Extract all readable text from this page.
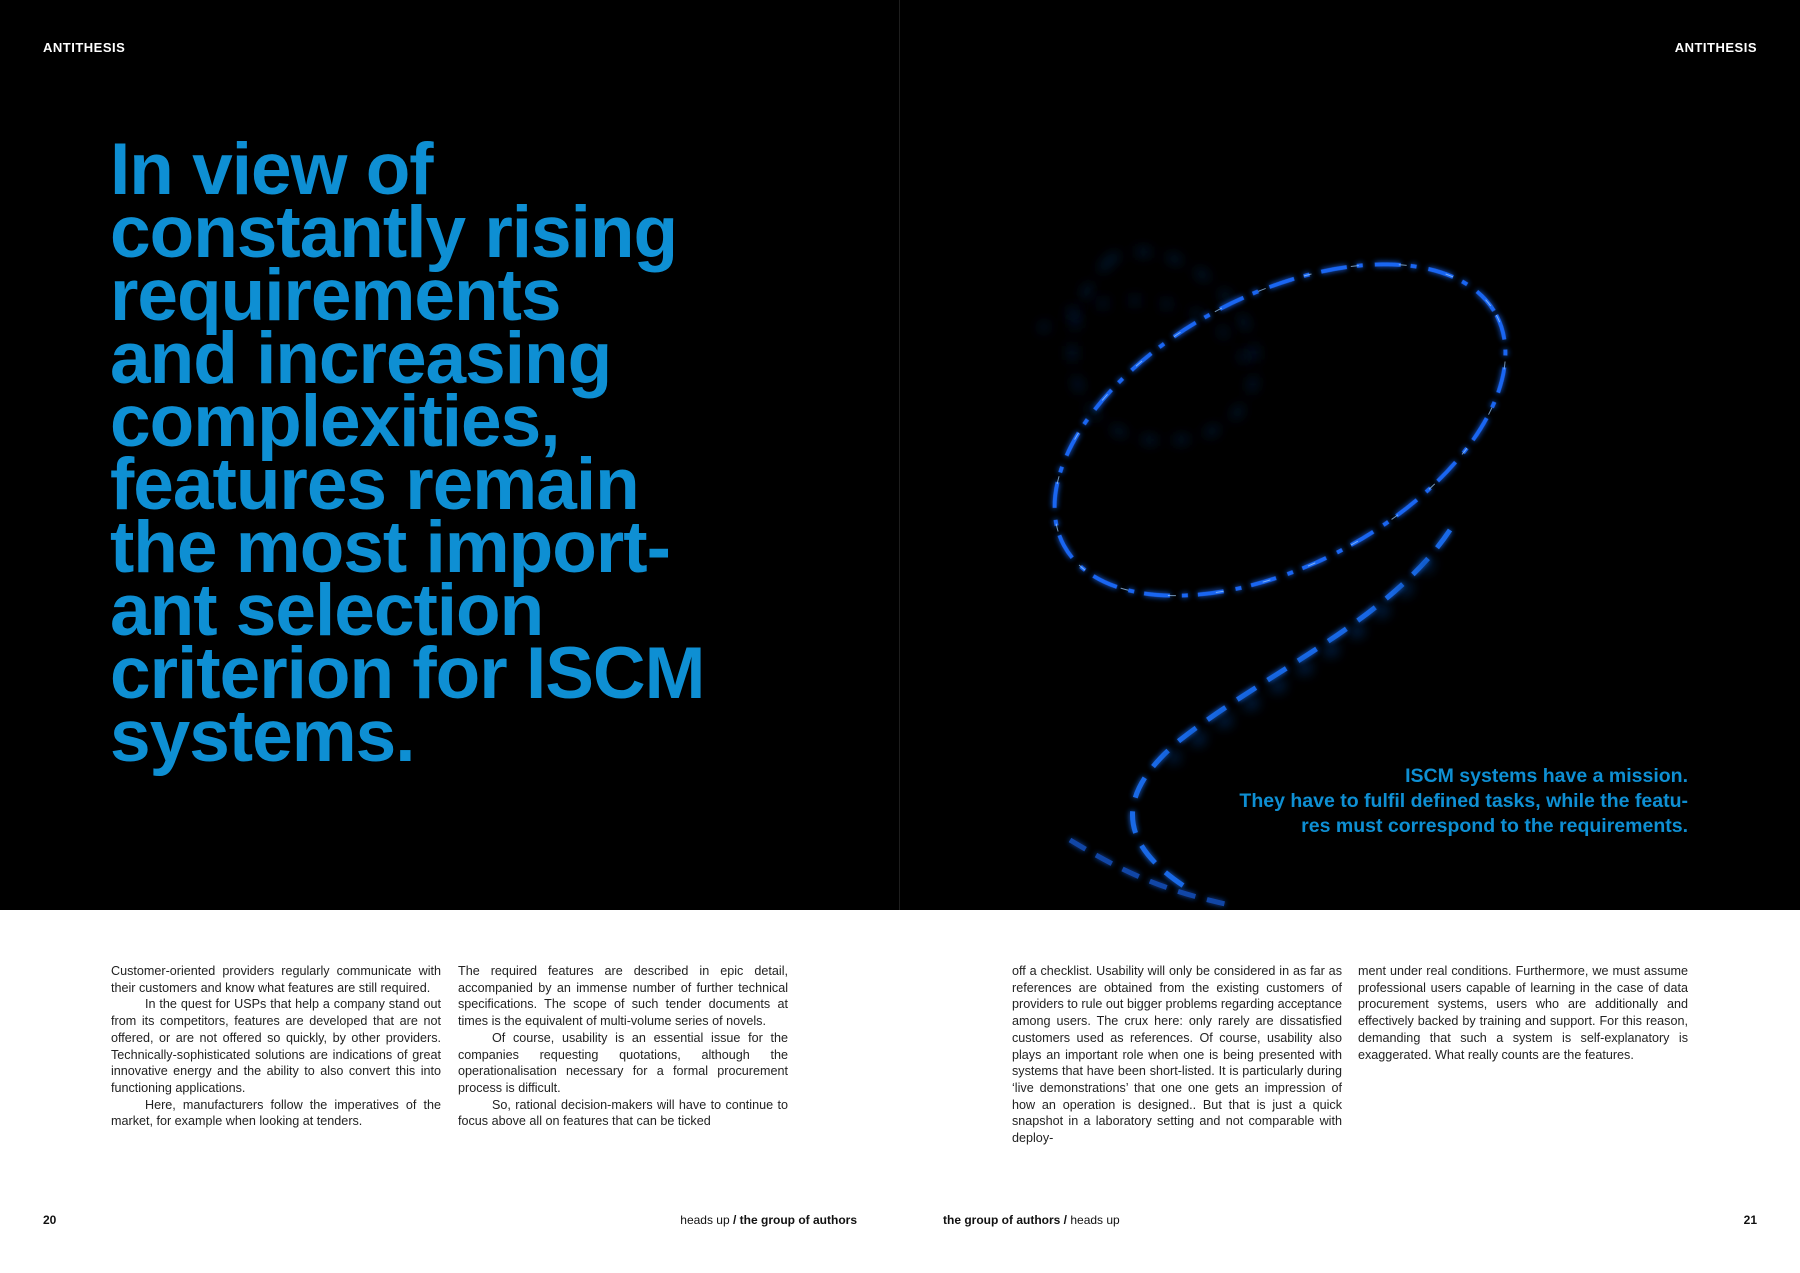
ANTITHESIS	ANTITHESIS
In view of
constantly rising
requirements
and increasing
complexities,
features remain
the most import-
ant selection
criterion for ISCM
systems.	ISCM systems have a mission.
They have to fulfil defined tasks, while the featu-
res must correspond to the requirements.

Customer-oriented providers regularly communicate with their customers and know what features are still required.

In the quest for USPs that help a company stand out from its competitors, features are developed that are not offered, or are not offered so quickly, by other providers. Technically-sophisticated solutions are indications of great innovative energy and the ability to also convert this into functioning applications.

Here, manufacturers follow the imperatives of the market, for example when looking at tenders.

The required features are described in epic detail, accompanied by an immense number of further technical specifications. The scope of such tender documents at times is the equivalent of multi-volume series of novels.

Of course, usability is an essential issue for the companies requesting quotations, although the operationalisation necessary for a formal procurement process is difficult.

So, rational decision-makers will have to continue to focus above all on features that can be ticked

off a checklist. Usability will only be considered in as far as references are obtained from the existing customers of providers to rule out bigger problems regarding acceptance among users. The crux here: only rarely are dissatisfied customers used as references. Of course, usability also plays an important role when one is being presented with systems that have been short-listed. It is particularly during ‘live demonstrations’ that one one gets an impression of how an operation is designed.. But that is just a quick snapshot in a laboratory setting and not comparable with deploy-

ment under real conditions. Furthermore, we must assume professional users capable of learning in the case of data procurement systems, users who are additionally and effectively backed by training and support. For this reason, demanding that such a system is self-explanatory is exaggerated. What really counts are the features.

20	heads up / the group of authors	the group of authors / heads up	21
